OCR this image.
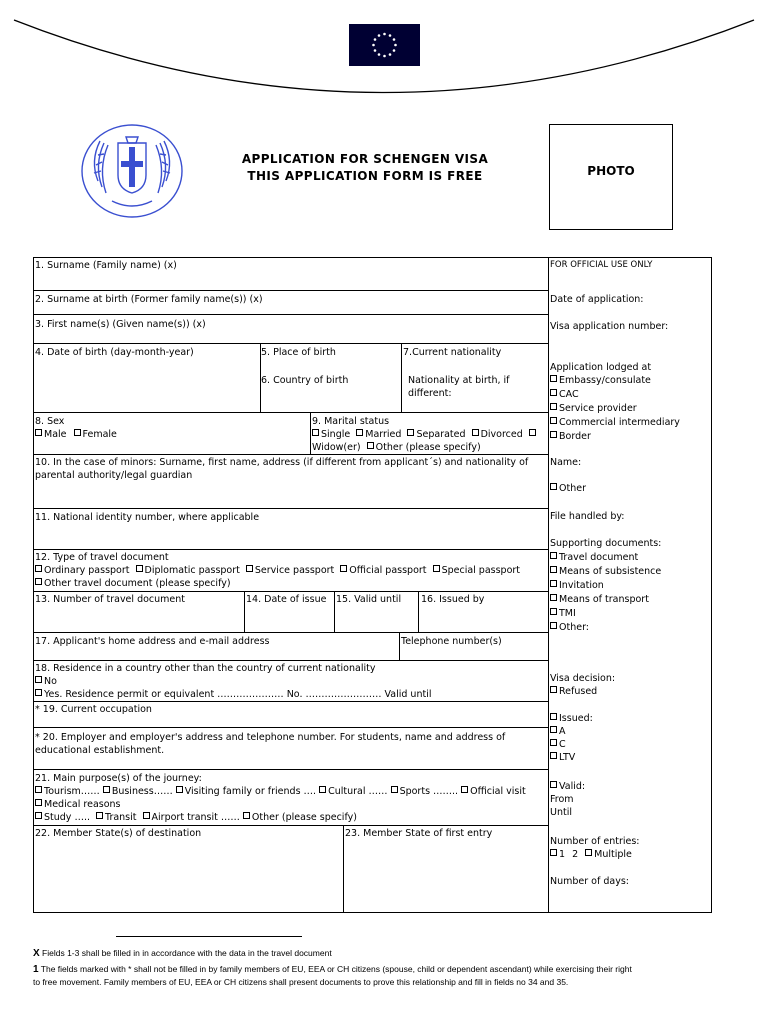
APPLICATION FOR SCHENGEN VISA
THIS APPLICATION FORM IS FREE	PHOTO
1. Surname (Family name) (x)
2. Surname at birth (Former family name(s)) (x)
3. First name(s) (Given name(s)) (x)
4. Date of birth (day-month-year)	5. Place of birth
6. Country of birth
7.Current nationality
Nationality at birth, if
different:
8. Sex
Male Female
9. Marital status
Single Married Separated Divorced
Widow(er) Other (please specify)
10. In the case of minors: Surname, first name, address (if different from applicant´s) and nationality of
parental authority/legal guardian
11. National identity number, where applicable
12. Type of travel document
Ordinary passport Diplomatic passport Service passport Official passport Special passport
Other travel document (please specify)
13. Number of travel document	14. Date of issue 15. Valid until 16. Issued by
17. Applicant's home address and e-mail address	Telephone number(s)
18. Residence in a country other than the country of current nationality
No
Yes. Residence permit or equivalent ………………… No. …………………… Valid until
* 19. Current occupation
* 20. Employer and employer's address and telephone number. For students, name and address of
educational establishment.
21. Main purpose(s) of the journey:
Tourism…… Business…… Visiting family or friends …. Cultural …… Sports …….. Official visit
Medical reasons
Study ….. Transit Airport transit …… Other (please specify)
22. Member State(s) of destination	23. Member State of first entry
FOR OFFICIAL USE ONLY
Date of application:
Visa application number:
Application lodged at
Embassy/consulate
CAC
Service provider
Commercial intermediary
Border
Name:
Other
File handled by:
Supporting documents:
Travel document
Means of subsistence
Invitation
Means of transport
TMI
Other:
Visa decision:
Refused
Issued:
A
C
LTV
Valid:
From
Until
Number of entries:
1 2 Multiple
Number of days:
X Fields 1-3 shall be filled in in accordance with the data in the travel document
1 The fields marked with * shall not be filled in by family members of EU, EEA or CH citizens (spouse, child or dependent ascendant) while exercising their right
to free movement. Family members of EU, EEA or CH citizens shall present documents to prove this relationship and fill in fields no 34 and 35.
